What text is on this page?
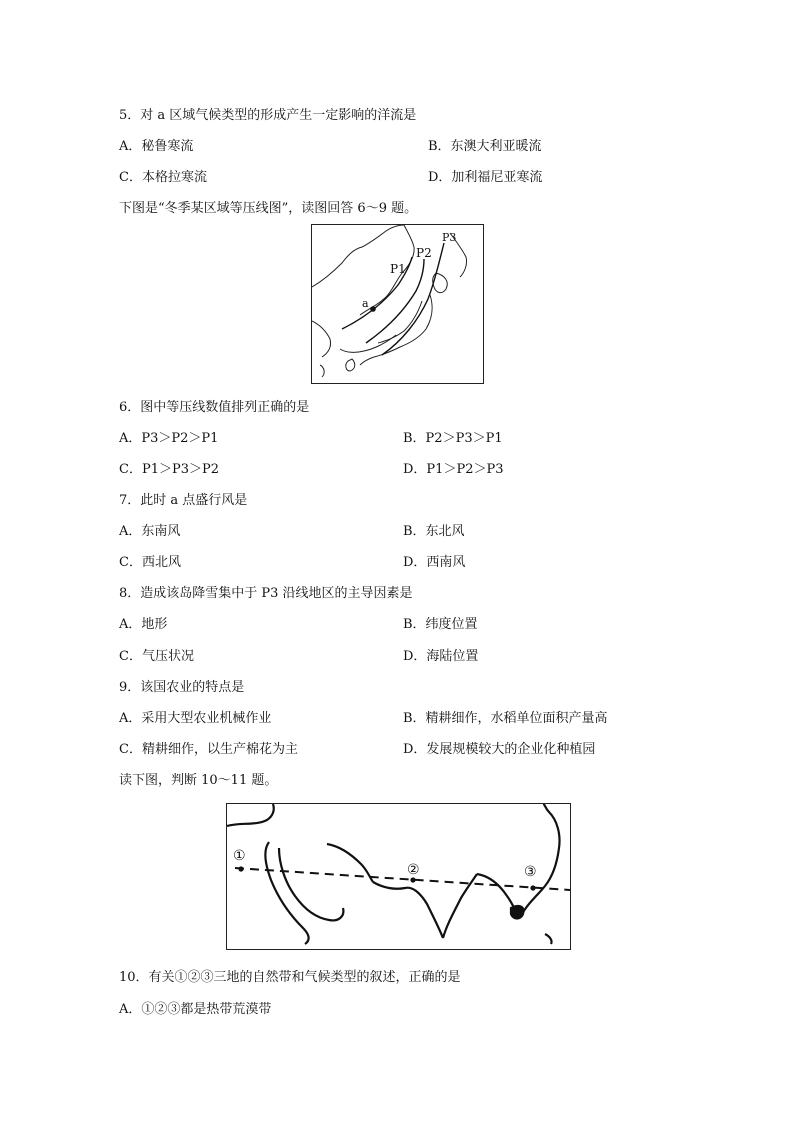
5．对 a 区域气候类型的形成产生一定影响的洋流是
A．秘鲁寒流	B．东澳大利亚暖流
C．本格拉寒流	D．加利福尼亚寒流
下图是“冬季某区域等压线图”，读图回答 6～9 题。
a
P1
P2
P3
6．图中等压线数值排列正确的是
A．P3＞P2＞P1	B．P2＞P3＞P1
C．P1＞P3＞P2	D．P1＞P2＞P3
7．此时 a 点盛行风是
A．东南风	B．东北风
C．西北风	D．西南风
8．造成该岛降雪集中于 P3 沿线地区的主导因素是
A．地形	B．纬度位置
C．气压状况	D．海陆位置
9．该国农业的特点是
A．采用大型农业机械作业	B．精耕细作，水稻单位面积产量高
C．精耕细作，以生产棉花为主	D．发展规模较大的企业化种植园
读下图，判断 10～11 题。
①
②	③
10．有关①②③三地的自然带和气候类型的叙述，正确的是
A．①②③都是热带荒漠带
